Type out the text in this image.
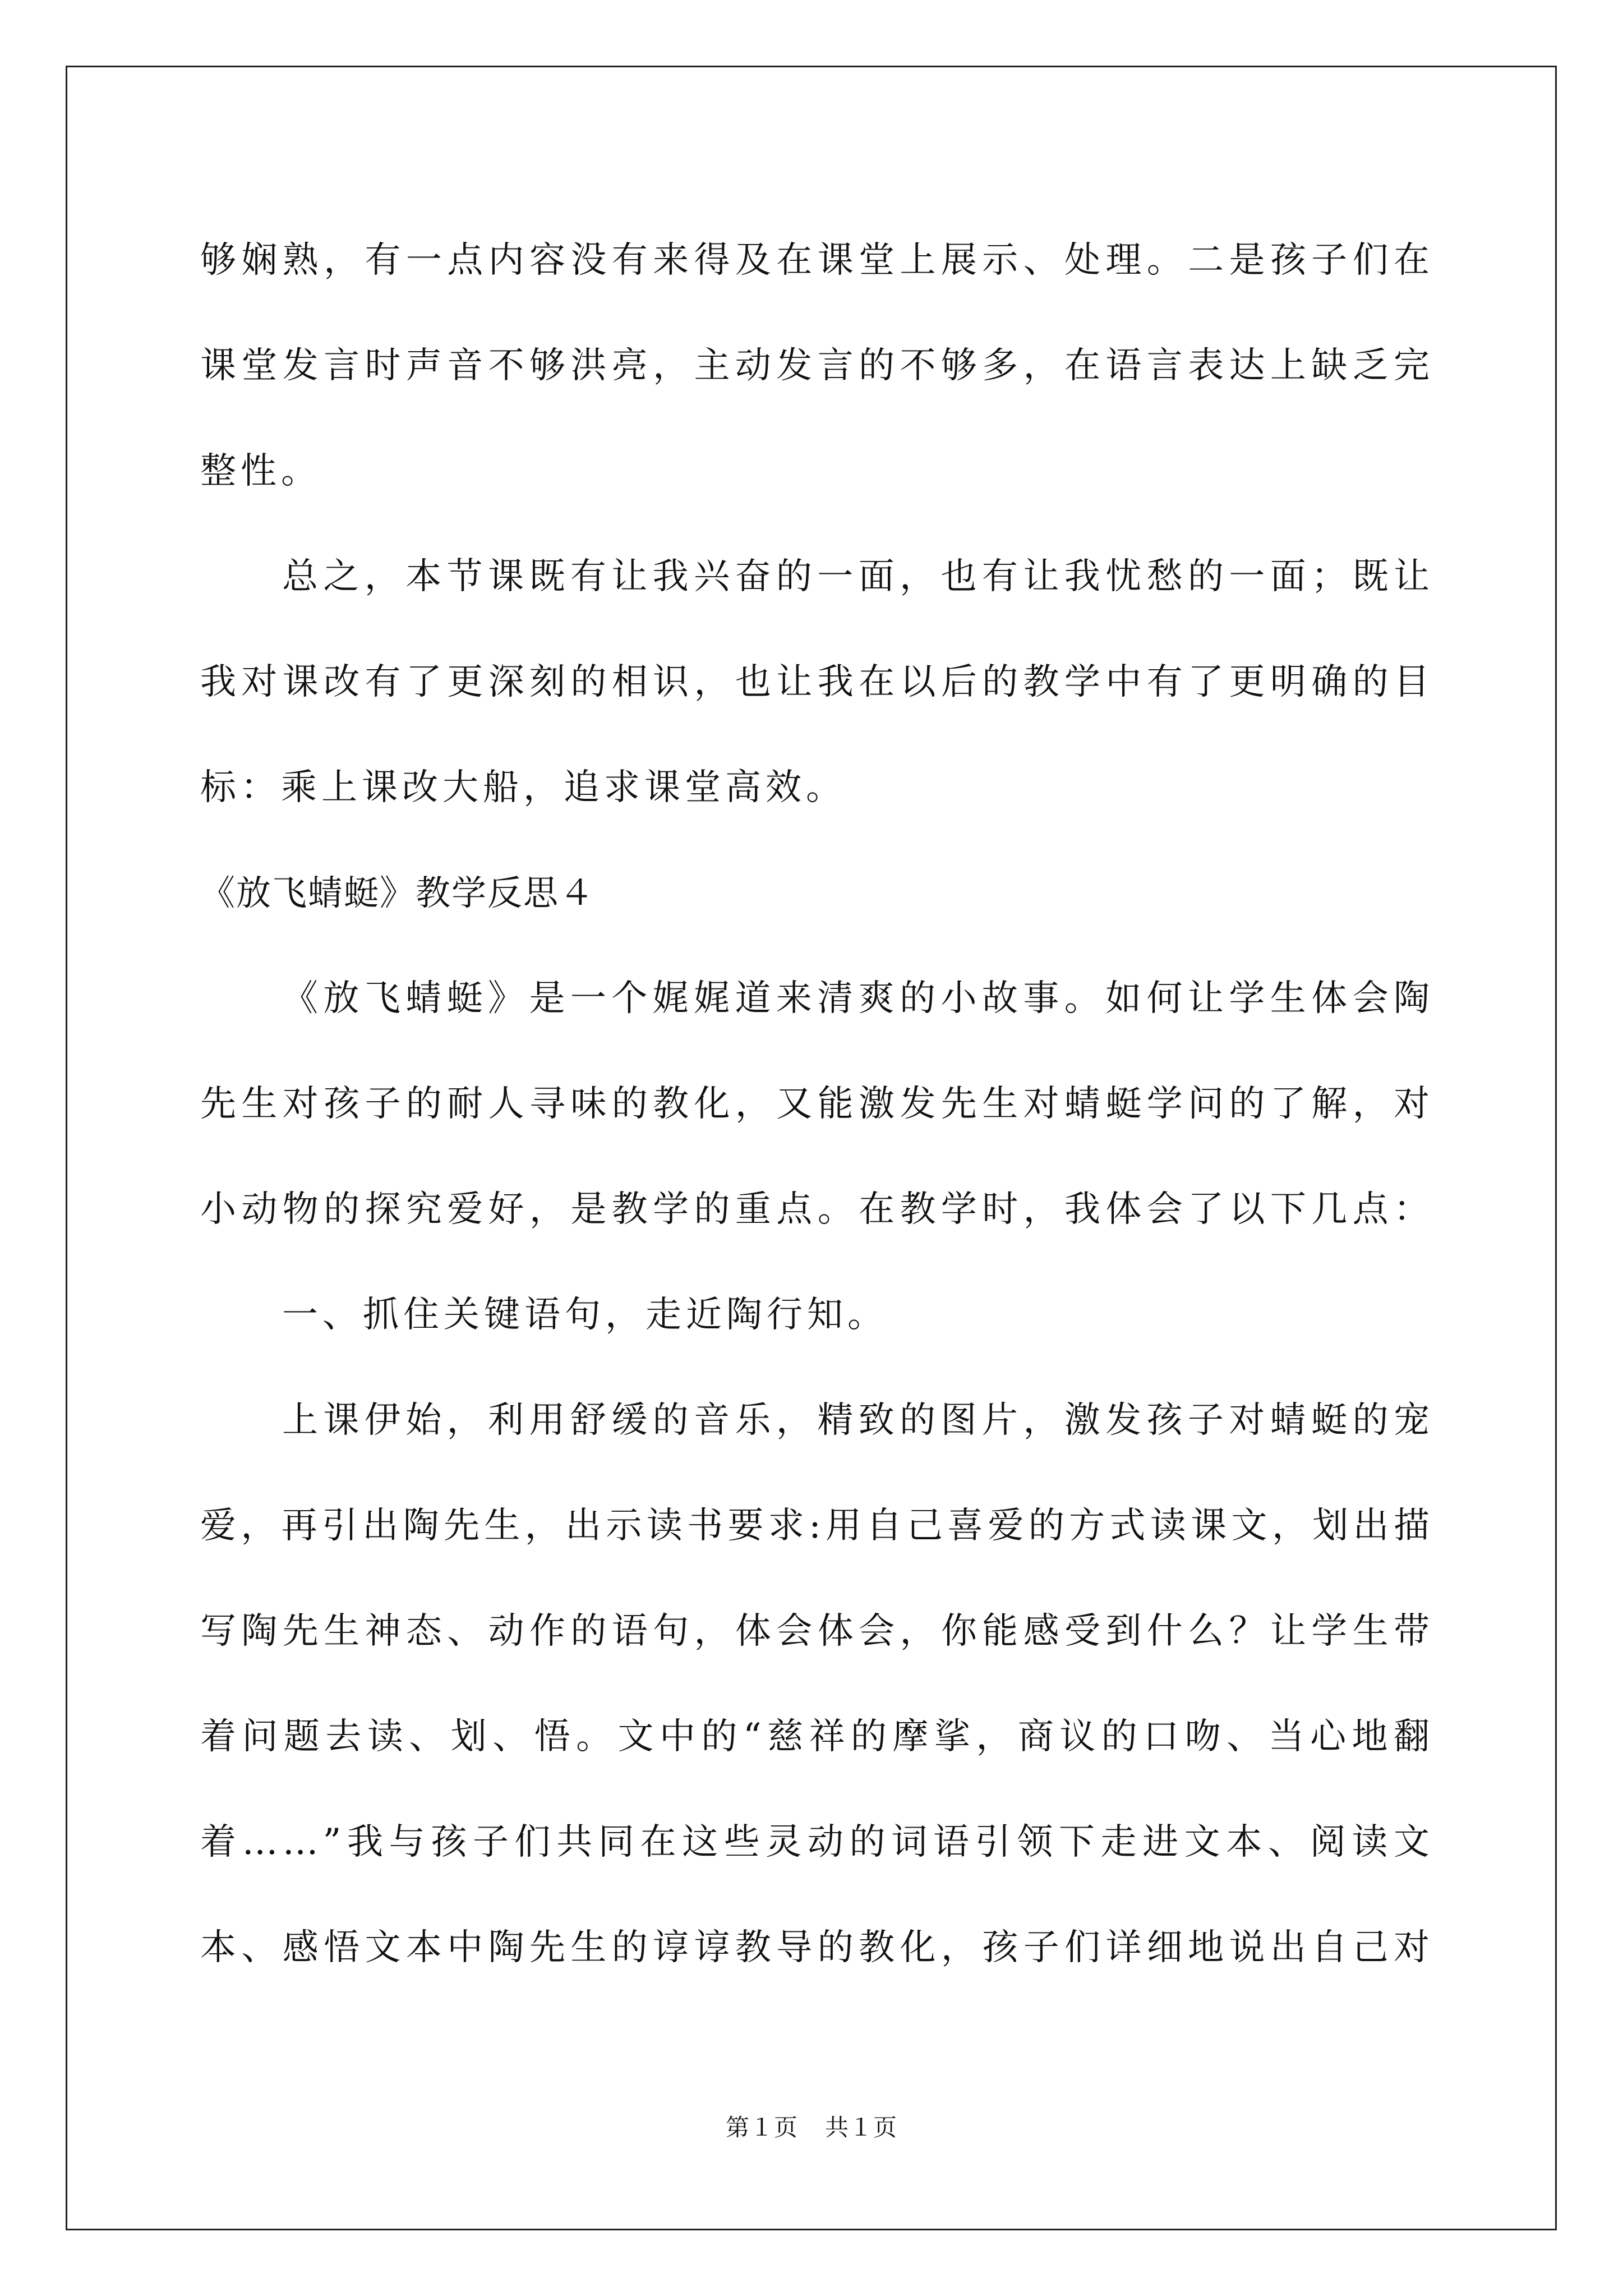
够娴熟，有一点内容没有来得及在课堂上展示、处理。二是孩子们在
课堂发言时声音不够洪亮，主动发言的不够多，在语言表达上缺乏完
整性。
总之，本节课既有让我兴奋的一面，也有让我忧愁的一面；既让
我对课改有了更深刻的相识，也让我在以后的教学中有了更明确的目
标：乘上课改大船，追求课堂高效。
《放飞蜻蜓》教学反思４
《放飞蜻蜓》是一个娓娓道来清爽的小故事。如何让学生体会陶
先生对孩子的耐人寻味的教化，又能激发先生对蜻蜓学问的了解，对
小动物的探究爱好，是教学的重点。在教学时，我体会了以下几点：
一、抓住关键语句，走近陶行知。
上课伊始，利用舒缓的音乐，精致的图片，激发孩子对蜻蜓的宠
爱，再引出陶先生，出示读书要求:用自己喜爱的方式读课文，划出描
写陶先生神态、动作的语句，体会体会，你能感受到什么？让学生带
着问题去读、划、悟。文中的“慈祥的摩挲，商议的口吻、当心地翻
着……”我与孩子们共同在这些灵动的词语引领下走进文本、阅读文
本、感悟文本中陶先生的谆谆教导的教化，孩子们详细地说出自己对
第１页 共１页
